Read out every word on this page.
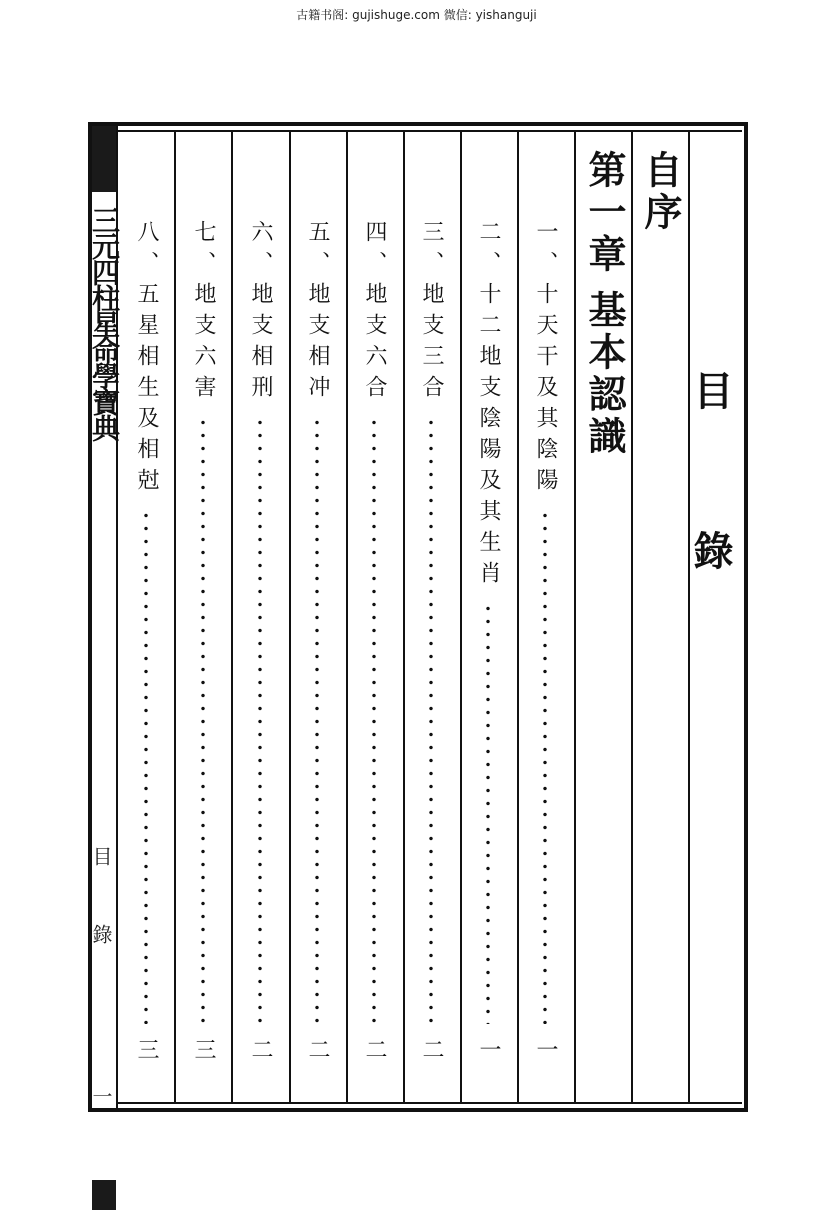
古籍书阁: gujishuge.com 微信: yishanguji
三元四柱星命學寶典
目錄
一
目錄
自序
第一章基本認識
一、十天干及其陰陽
一
二、十二地支陰陽及其生肖
一
三、地支三合
二
四、地支六合
二
五、地支相冲
二
六、地支相刑
二
七、地支六害
三
八、五星相生及相尅
三
